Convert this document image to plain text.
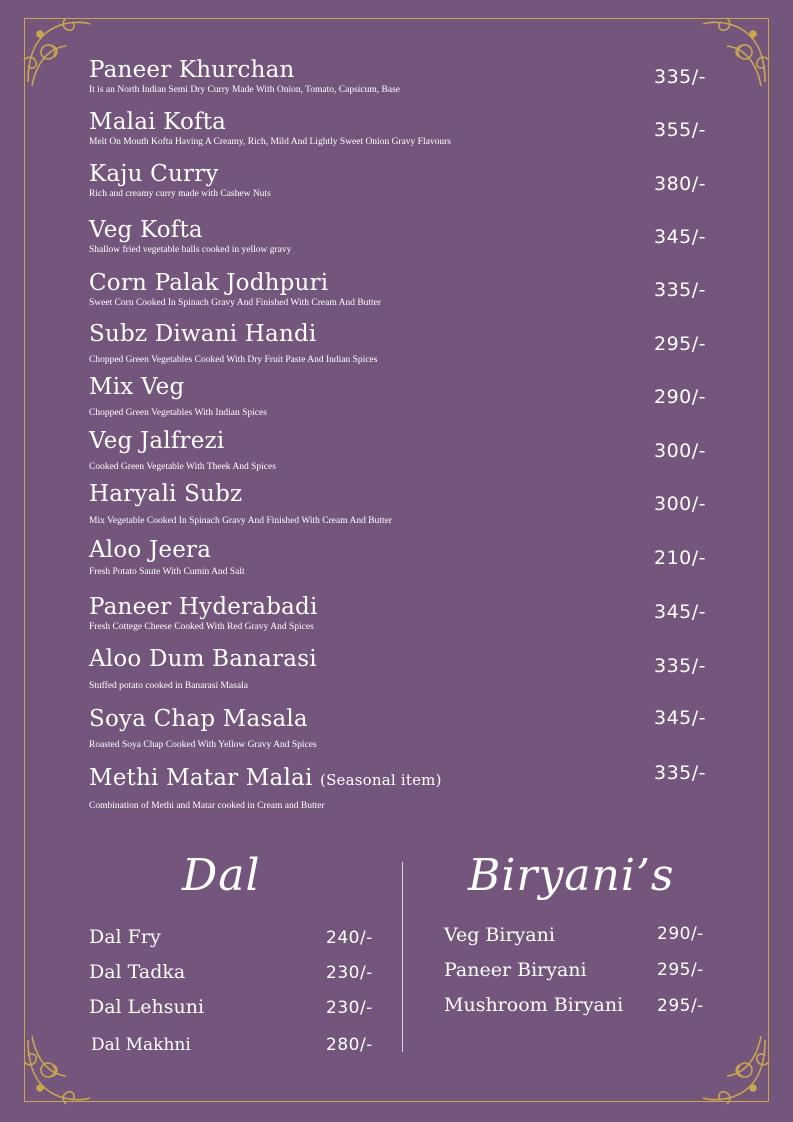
Paneer Khurchan
It is an North Indian Semi Dry Curry Made With Onion, Tomato, Capsicum, Base
335/-
Malai Kofta
Melt On Mouth Kofta Having A Creamy, Rich, Mild And Lightly Sweet Onion Gravy Flavours
355/-
Kaju Curry
Rich and creamy curry made with Cashew Nuts	380/-
Veg Kofta
Shallow fried vegetable balls cooked in yellow gravy
345/-
Corn Palak Jodhpuri
Sweet Corn Cooked In Spinach Gravy And Finished With Cream And Butter
335/-
Subz Diwani Handi
Chopped Green Vegetables Cooked With Dry Fruit Paste And Indian Spices
295/-
Mix Veg
Chopped Green Vegetables With Indian Spices
290/-
Veg Jalfrezi
Cooked Green Vegetable With Theek And Spices
300/-
Haryali Subz
Mix Vegetable Cooked In Spinach Gravy And Finished With Cream And Butter
300/-
Aloo Jeera
Fresh Potato Saute With Cumin And Salt
210/-
Paneer Hyderabadi
Fresh Cottege Cheese Cooked With Red Gravy And Spices
345/-
Aloo Dum Banarasi
Stuffed potato cooked in Banarasi Masala
335/-
Soya Chap Masala
Roasted Soya Chap Cooked With Yellow Gravy And Spices
345/-
Methi Matar Malai (Seasonal item)
Combination of Methi and Matar cooked in Cream and Butter
335/-
Dal
Dal Fry	240/-
Dal Tadka	230/-
Dal Lehsuni	230/-
Dal Makhni	280/-
Biryani’s
Veg Biryani	290/-
Paneer Biryani	295/-
Mushroom Biryani 295/-
